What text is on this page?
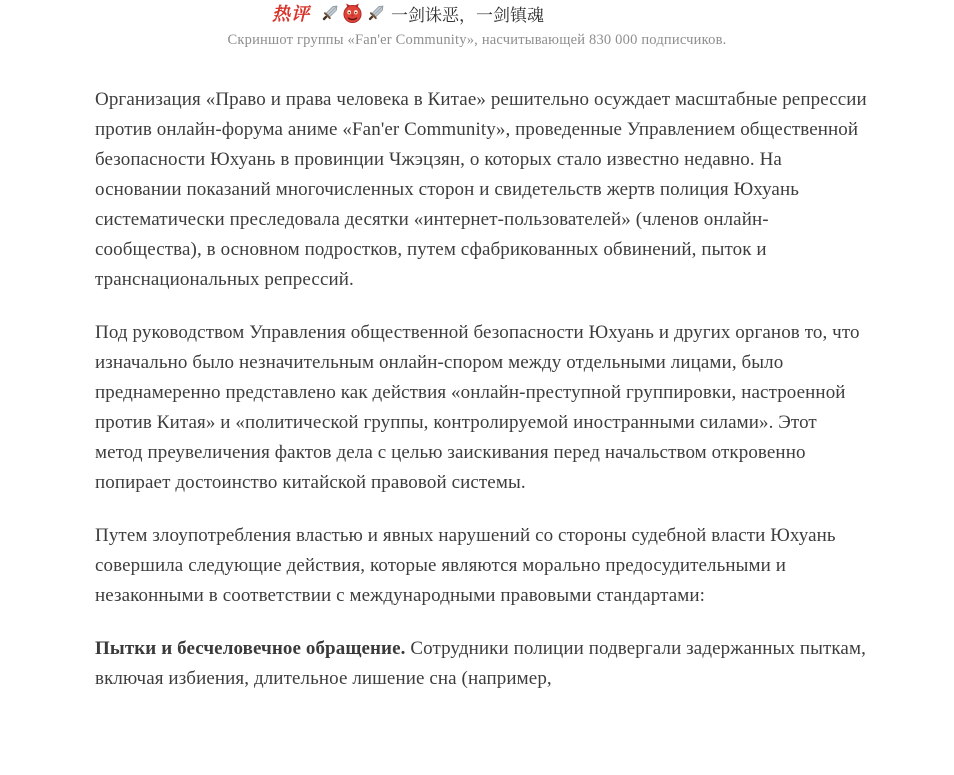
热评	一剑诛恶，一剑镇魂
Скриншот группы «Fan'er Community», насчитывающей 830 000 подписчиков.

Организация «Право и права человека в Китае» решительно осуждает масштабные репрессии против онлайн-форума аниме «Fan'er Community», проведенные Управлением общественной безопасности Юхуань в провинции Чжэцзян, о которых стало известно недавно. На основании показаний многочисленных сторон и свидетельств жертв полиция Юхуань систематически преследовала десятки «интернет-пользователей» (членов онлайн-сообщества), в основном подростков, путем сфабрикованных обвинений, пыток и транснациональных репрессий.

Под руководством Управления общественной безопасности Юхуань и других органов то, что изначально было незначительным онлайн-спором между отдельными лицами, было преднамеренно представлено как действия «онлайн-преступной группировки, настроенной против Китая» и «политической группы, контролируемой иностранными силами». Этот метод преувеличения фактов дела с целью заискивания перед начальством откровенно попирает достоинство китайской правовой системы.

Путем злоупотребления властью и явных нарушений со стороны судебной власти Юхуань совершила следующие действия, которые являются морально предосудительными и незаконными в соответствии с международными правовыми стандартами:

Пытки и бесчеловечное обращение. Сотрудники полиции подвергали задержанных пыткам, включая избиения, длительное лишение сна (например,
